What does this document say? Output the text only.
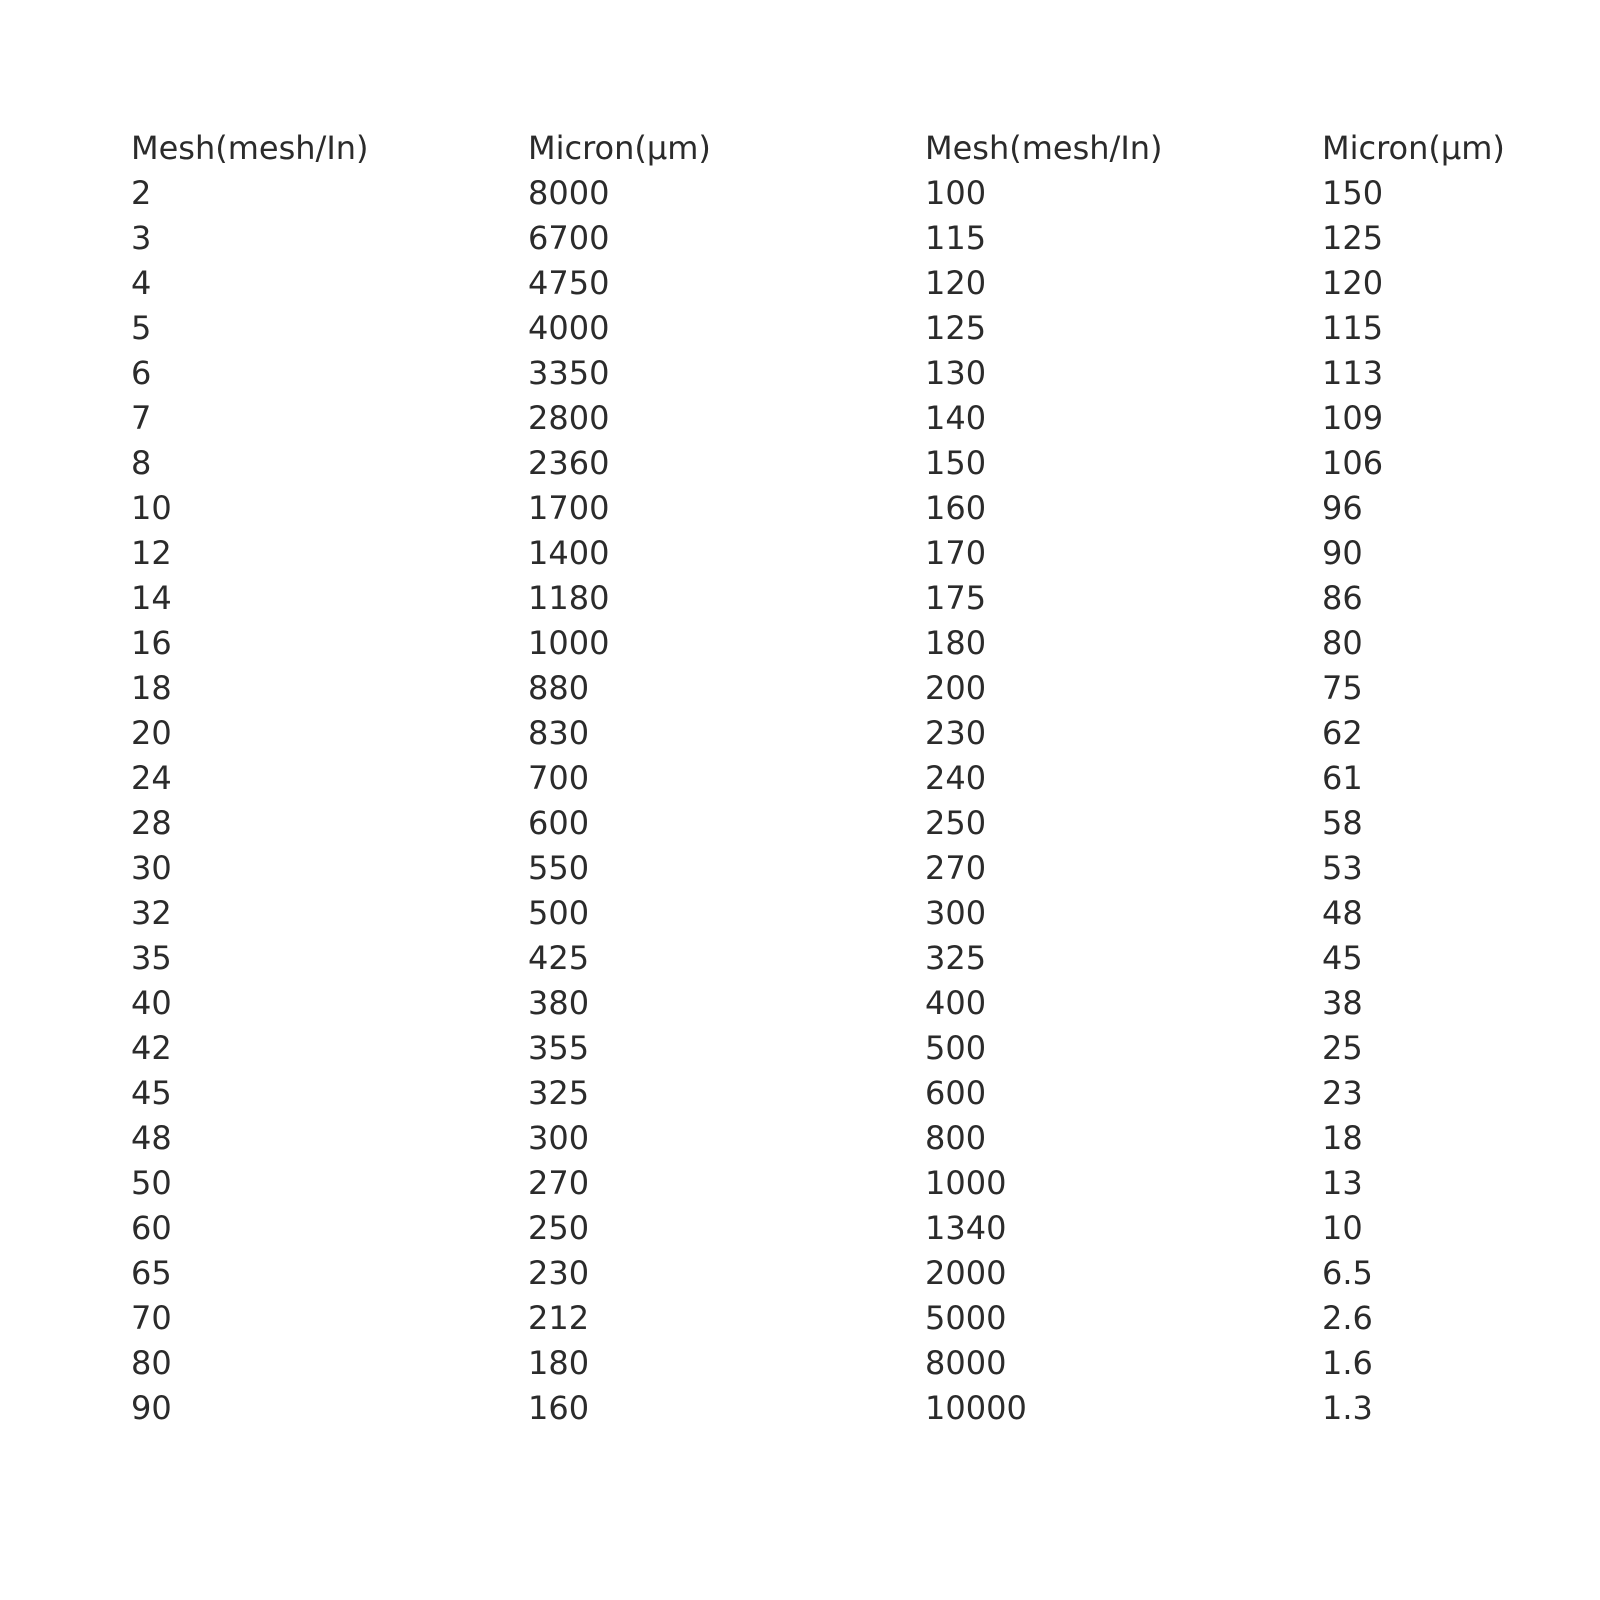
Mesh(mesh/In)	Micron(μm)	Mesh(mesh/In)	Micron(μm)
2	8000	100	150
3	6700	115	125
4	4750	120	120
5	4000	125	115
6	3350	130	113
7	2800	140	109
8	2360	150	106
10	1700	160	96
12	1400	170	90
14	1180	175	86
16	1000	180	80
18	880	200	75
20	830	230	62
24	700	240	61
28	600	250	58
30	550	270	53
32	500	300	48
35	425	325	45
40	380	400	38
42	355	500	25
45	325	600	23
48	300	800	18
50	270	1000	13
60	250	1340	10
65	230	2000	6.5
70	212	5000	2.6
80	180	8000	1.6
90	160	10000	1.3
